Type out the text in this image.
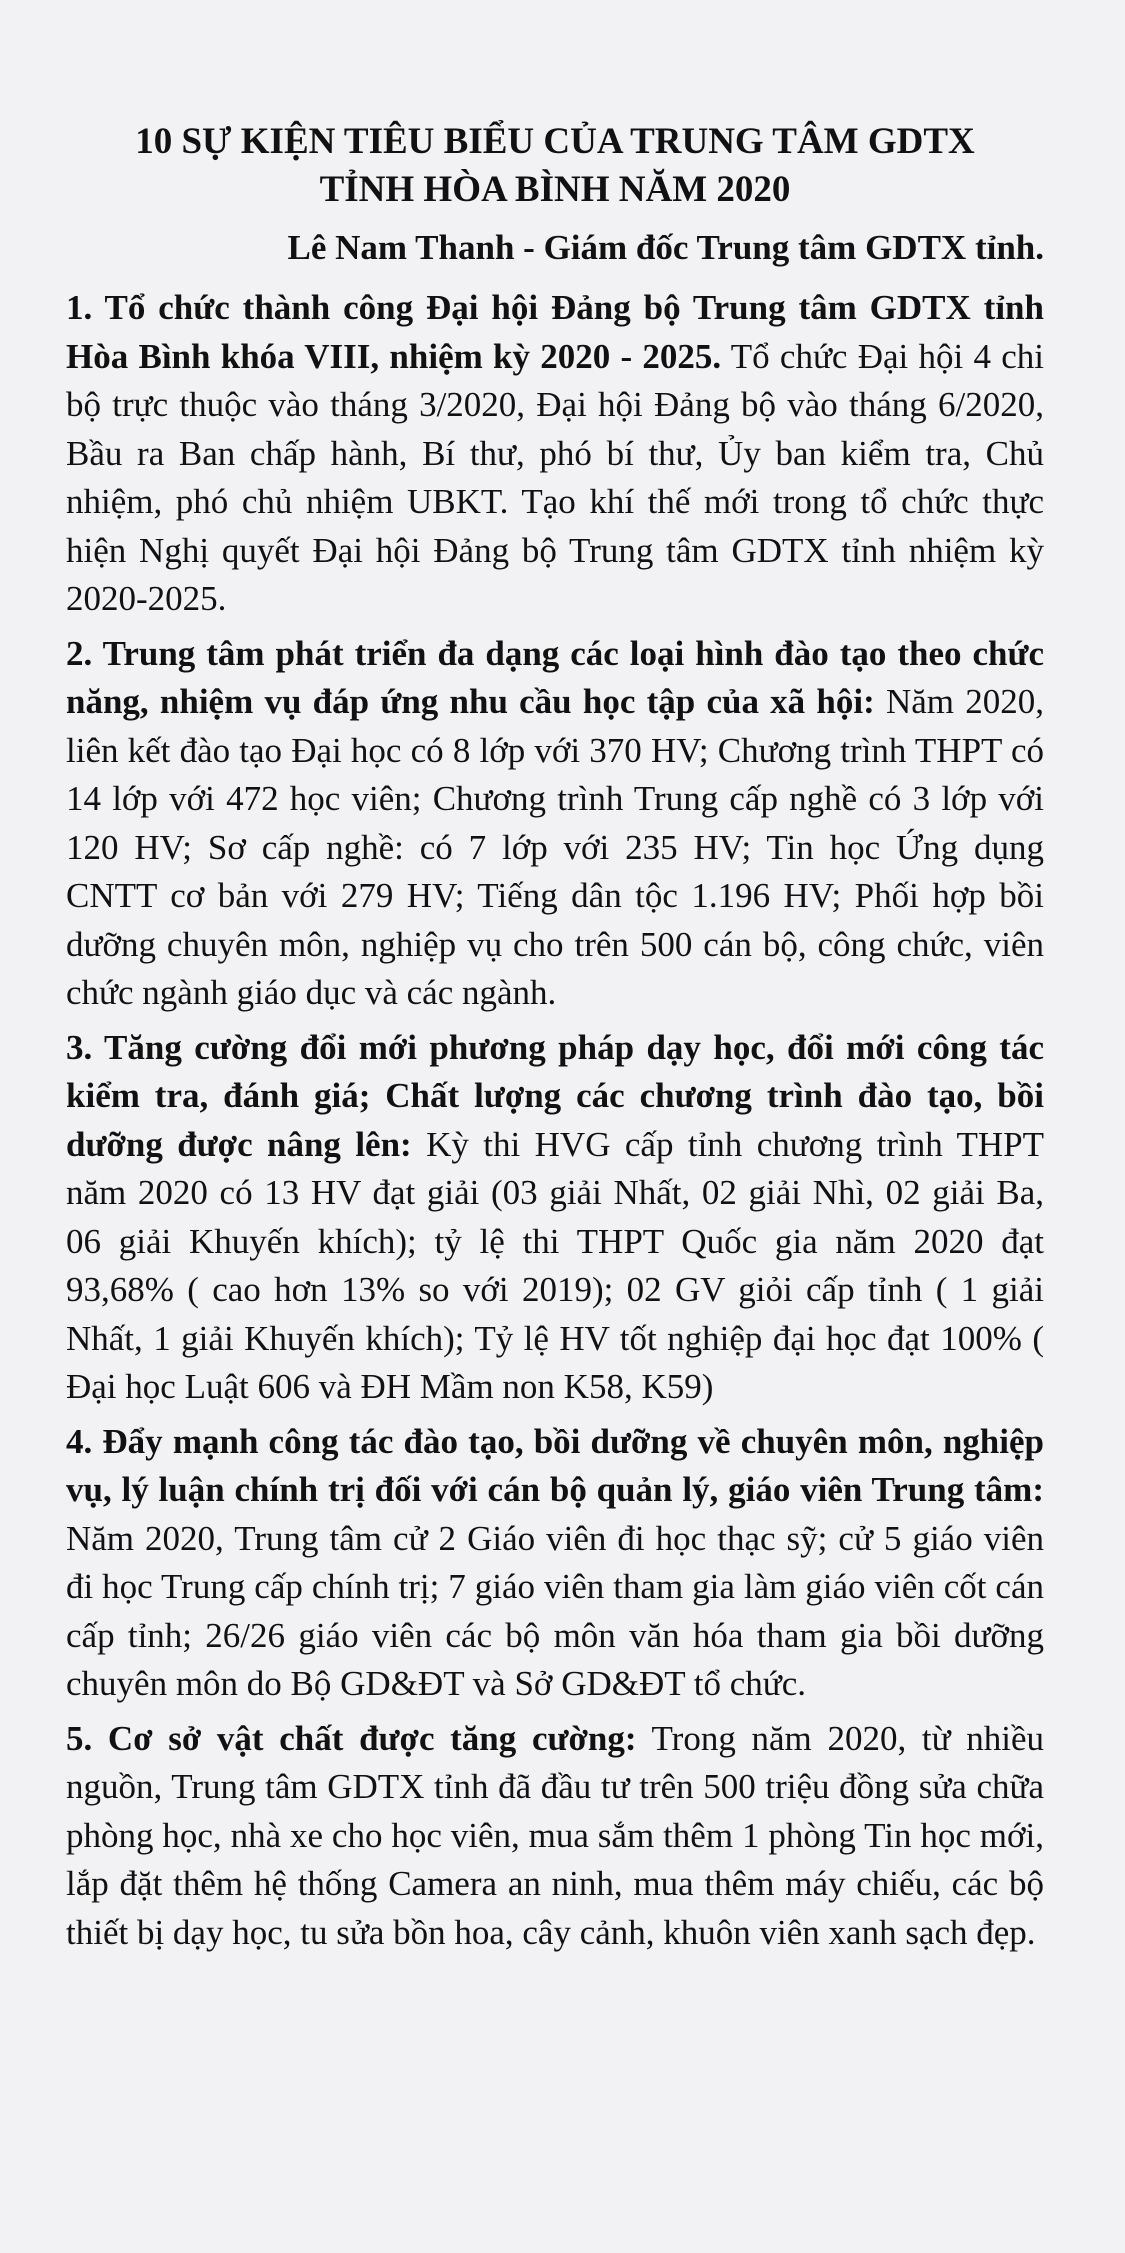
10 SỰ KIỆN TIÊU BIỂU CỦA TRUNG TÂM GDTX
TỈNH HÒA BÌNH NĂM 2020
Lê Nam Thanh - Giám đốc Trung tâm GDTX tỉnh.

1. Tổ chức thành công Đại hội Đảng bộ Trung tâm GDTX tỉnh Hòa Bình khóa VIII, nhiệm kỳ 2020 - 2025. Tổ chức Đại hội 4 chi bộ trực thuộc vào tháng 3/2020, Đại hội Đảng bộ vào tháng 6/2020, Bầu ra Ban chấp hành, Bí thư, phó bí thư, Ủy ban kiểm tra, Chủ nhiệm, phó chủ nhiệm UBKT. Tạo khí thế mới trong tổ chức thực hiện Nghị quyết Đại hội Đảng bộ Trung tâm GDTX tỉnh nhiệm kỳ 2020-2025.

2. Trung tâm phát triển đa dạng các loại hình đào tạo theo chức năng, nhiệm vụ đáp ứng nhu cầu học tập của xã hội: Năm 2020, liên kết đào tạo Đại học có 8 lớp với 370 HV; Chương trình THPT có 14 lớp với 472 học viên; Chương trình Trung cấp nghề có 3 lớp với 120 HV; Sơ cấp nghề: có 7 lớp với 235 HV; Tin học Ứng dụng CNTT cơ bản với 279 HV; Tiếng dân tộc 1.196 HV; Phối hợp bồi dưỡng chuyên môn, nghiệp vụ cho trên 500 cán bộ, công chức, viên chức ngành giáo dục và các ngành.

3. Tăng cường đổi mới phương pháp dạy học, đổi mới công tác kiểm tra, đánh giá; Chất lượng các chương trình đào tạo, bồi dưỡng được nâng lên: Kỳ thi HVG cấp tỉnh chương trình THPT năm 2020 có 13 HV đạt giải (03 giải Nhất, 02 giải Nhì, 02 giải Ba, 06 giải Khuyến khích); tỷ lệ thi THPT Quốc gia năm 2020 đạt 93,68% ( cao hơn 13% so với 2019); 02 GV giỏi cấp tỉnh ( 1 giải Nhất, 1 giải Khuyến khích); Tỷ lệ HV tốt nghiệp đại học đạt 100% ( Đại học Luật 606 và ĐH Mầm non K58, K59)

4. Đẩy mạnh công tác đào tạo, bồi dưỡng về chuyên môn, nghiệp vụ, lý luận chính trị đối với cán bộ quản lý, giáo viên Trung tâm: Năm 2020, Trung tâm cử 2 Giáo viên đi học thạc sỹ; cử 5 giáo viên đi học Trung cấp chính trị; 7 giáo viên tham gia làm giáo viên cốt cán cấp tỉnh; 26/26 giáo viên các bộ môn văn hóa tham gia bồi dưỡng chuyên môn do Bộ GD&ĐT và Sở GD&ĐT tổ chức.

5. Cơ sở vật chất được tăng cường: Trong năm 2020, từ nhiều nguồn, Trung tâm GDTX tỉnh đã đầu tư trên 500 triệu đồng sửa chữa phòng học, nhà xe cho học viên, mua sắm thêm 1 phòng Tin học mới, lắp đặt thêm hệ thống Camera an ninh, mua thêm máy chiếu, các bộ thiết bị dạy học, tu sửa bồn hoa, cây cảnh, khuôn viên xanh sạch đẹp.
